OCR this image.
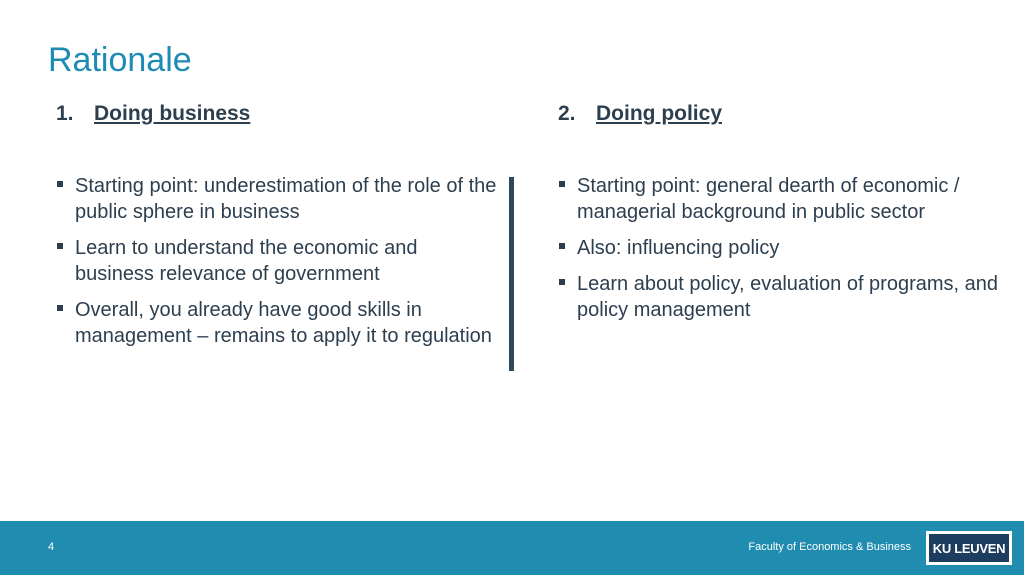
Rationale
1. Doing business	2. Doing policy
Starting point: underestimation of the role of the public sphere in business
Learn to understand the economic and business relevance of government
Overall, you already have good skills in management – remains to apply it to regulation
Starting point: general dearth of economic / managerial background in public sector
Also: influencing policy
Learn about policy, evaluation of programs, and policy management
4	Faculty of Economics & Business KU LEUVEN
